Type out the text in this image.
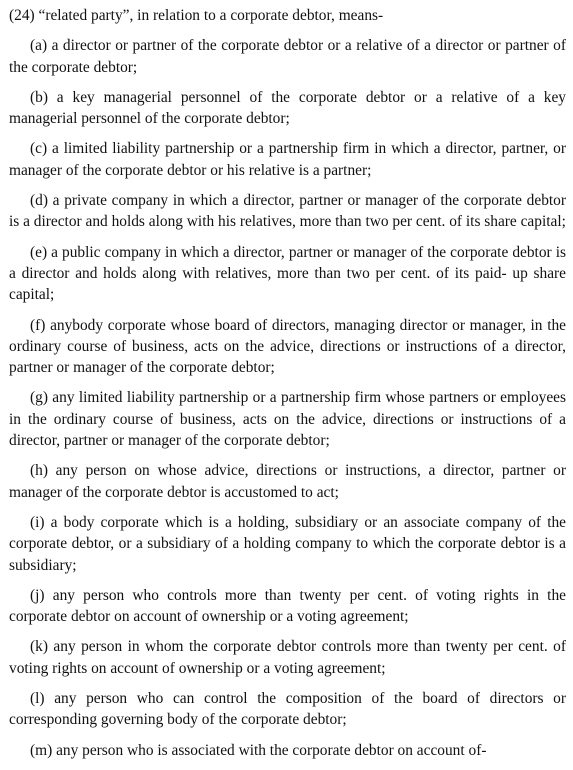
(24) “related party”, in relation to a corporate debtor, means-

(a) a director or partner of the corporate debtor or a relative of a director or partner of the corporate debtor;

(b) a key managerial personnel of the corporate debtor or a relative of a key managerial personnel of the corporate debtor;

(c) a limited liability partnership or a partnership firm in which a director, partner, or manager of the corporate debtor or his relative is a partner;

(d) a private company in which a director, partner or manager of the corporate debtor is a director and holds along with his relatives, more than two per cent. of its share capital;

(e) a public company in which a director, partner or manager of the corporate debtor is a director and holds along with relatives, more than two per cent. of its paid- up share capital;

(f) anybody corporate whose board of directors, managing director or manager, in the ordinary course of business, acts on the advice, directions or instructions of a director, partner or manager of the corporate debtor;

(g) any limited liability partnership or a partnership firm whose partners or employees in the ordinary course of business, acts on the advice, directions or instructions of a director, partner or manager of the corporate debtor;

(h) any person on whose advice, directions or instructions, a director, partner or manager of the corporate debtor is accustomed to act;

(i) a body corporate which is a holding, subsidiary or an associate company of the corporate debtor, or a subsidiary of a holding company to which the corporate debtor is a subsidiary;

(j) any person who controls more than twenty per cent. of voting rights in the corporate debtor on account of ownership or a voting agreement;

(k) any person in whom the corporate debtor controls more than twenty per cent. of voting rights on account of ownership or a voting agreement;

(l) any person who can control the composition of the board of directors or corresponding governing body of the corporate debtor;

(m) any person who is associated with the corporate debtor on account of-
